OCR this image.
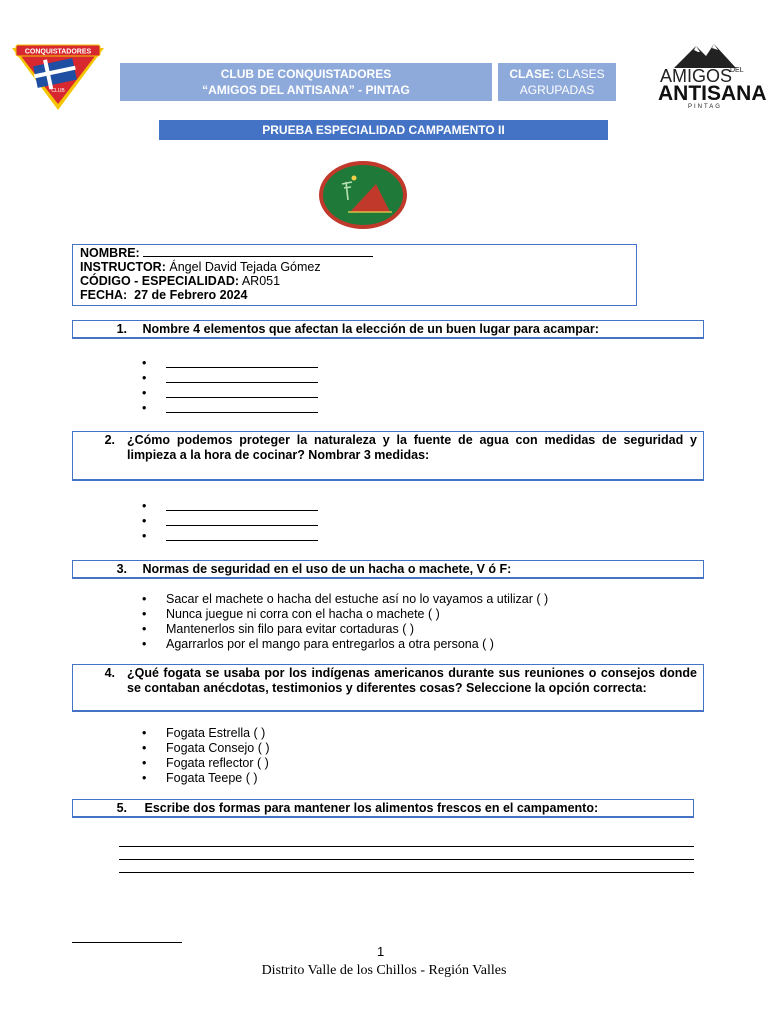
CONQUISTADORES
CLUB
CLUB DE CONQUISTADORES
“AMIGOS DEL ANTISANA” - PINTAG
CLASE: CLASES
AGRUPADAS
AMIGOS
DEL
ANTISANA
PINTAG
PRUEBA ESPECIALIDAD CAMPAMENTO II
NOMBRE:
INSTRUCTOR: Ángel David Tejada Gómez
CÓDIGO - ESPECIALIDAD: AR051
FECHA: 27 de Febrero 2024
1. Nombre 4 elementos que afectan la elección de un buen lugar para acampar:
•
•
•
•
2. ¿Cómo podemos proteger la naturaleza y la fuente de agua con medidas de seguridad y limpieza a la hora de cocinar? Nombrar 3 medidas:
•
•
•
3. Normas de seguridad en el uso de un hacha o machete, V ó F:
• Sacar el machete o hacha del estuche así no lo vayamos a utilizar ( )
• Nunca juegue ni corra con el hacha o machete ( )
• Mantenerlos sin filo para evitar cortaduras ( )
• Agarrarlos por el mango para entregarlos a otra persona ( )
4. ¿Qué fogata se usaba por los indígenas americanos durante sus reuniones o consejos donde se contaban anécdotas, testimonios y diferentes cosas? Seleccione la opción correcta:
• Fogata Estrella ( )
• Fogata Consejo ( )
• Fogata reflector ( )
• Fogata Teepe ( )
5. Escribe dos formas para mantener los alimentos frescos en el campamento:
1
Distrito Valle de los Chillos - Región Valles
